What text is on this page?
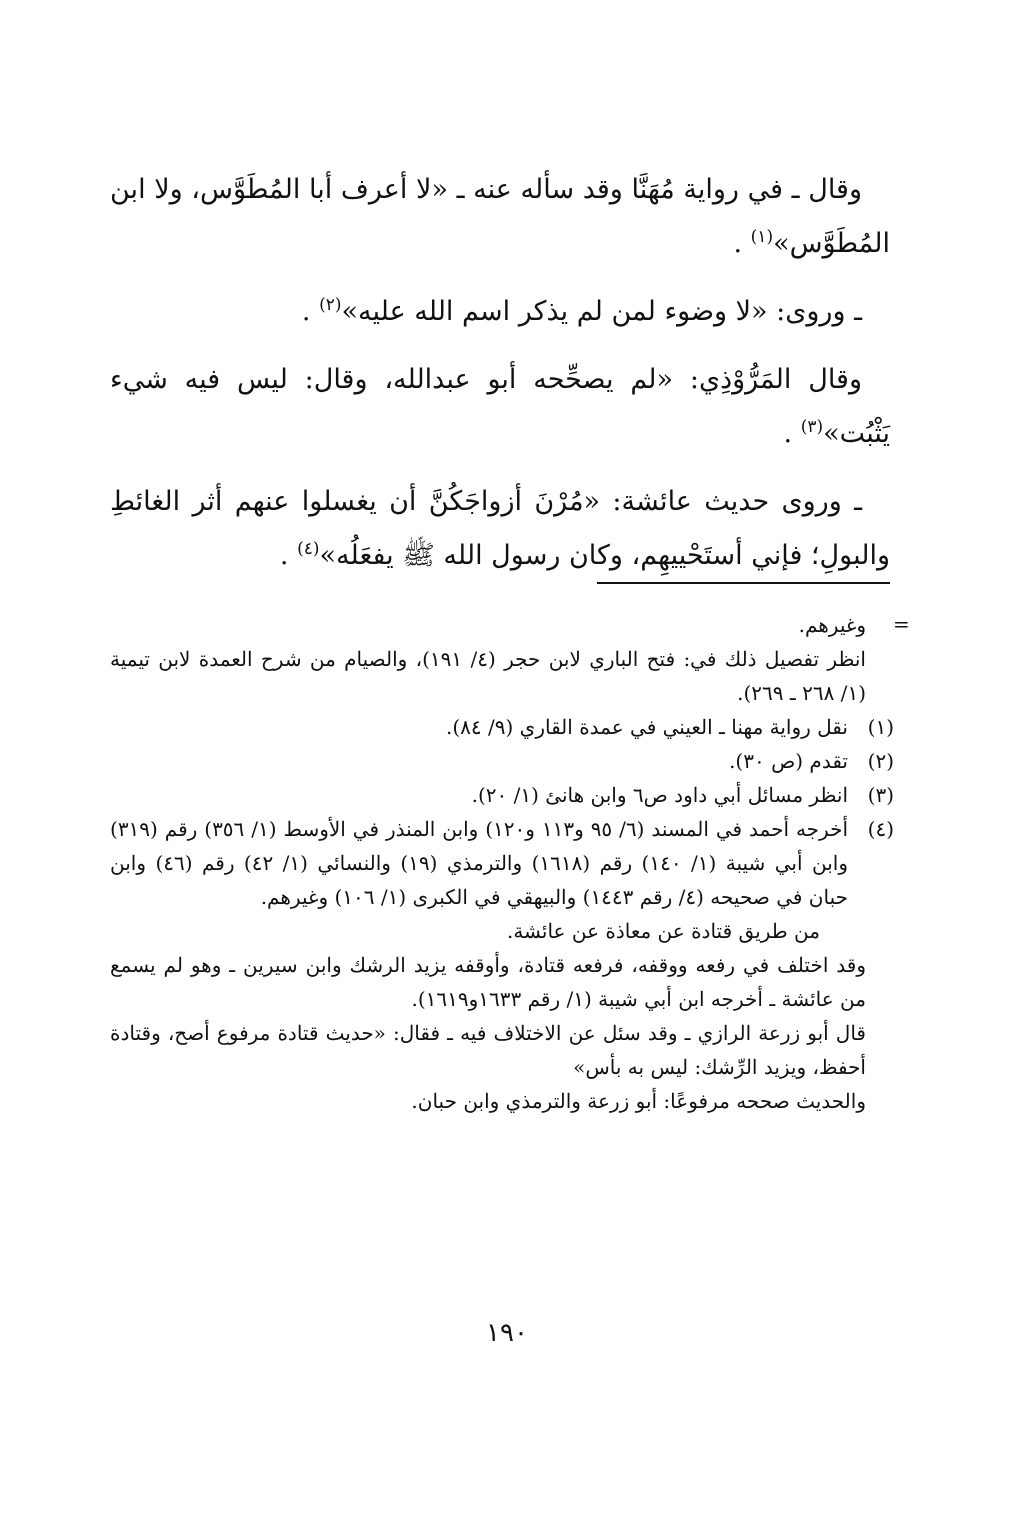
وقال ـ في رواية مُهَنَّا وقد سأله عنه ـ «لا أعرف أبا المُطَوَّس، ولا ابن المُطَوَّس»$^{(١)}$ .

ـ وروى: «لا وضوء لمن لم يذكر اسم الله عليه»$^{(٢)}$ .

وقال المَرُّوْذِي: «لم يصحِّحه أبو عبدالله، وقال: ليس فيه شيء يَثْبُت»$^{(٣)}$ .

ـ وروى حديث عائشة: «مُرْنَ أزواجَكُنَّ أن يغسلوا عنهم أثر الغائطِ والبولِ؛ فإني أستَحْييهِم، وكان رسول الله ﷺ يفعَلُه»$^{(٤)}$ .

=

وغيرهم.

انظر تفصيل ذلك في: فتح الباري لابن حجر (٤/ ١٩١)، والصيام من شرح العمدة لابن تيمية (١/ ٢٦٨ ـ ٢٦٩).

(١)
نقل رواية مهنا ـ العيني في عمدة القاري (٩/ ٨٤).
(٢)
تقدم (ص ٣٠).
(٣)
انظر مسائل أبي داود ص٦ وابن هانئ (١/ ٢٠).
(٤)
أخرجه أحمد في المسند (٦/ ٩٥ و١١٣ و١٢٠) وابن المنذر في الأوسط (١/ ٣٥٦) رقم (٣١٩) وابن أبي شيبة (١/ ١٤٠) رقم (١٦١٨) والترمذي (١٩) والنسائي (١/ ٤٢) رقم (٤٦) وابن حبان في صحيحه (٤/ رقم ١٤٤٣) والبيهقي في الكبرى (١/ ١٠٦) وغيرهم.

من طريق قتادة عن معاذة عن عائشة.

وقد اختلف في رفعه ووقفه، فرفعه قتادة، وأوقفه يزيد الرشك وابن سيرين ـ وهو لم يسمع من عائشة ـ أخرجه ابن أبي شيبة (١/ رقم ١٦٣٣و١٦١٩).

قال أبو زرعة الرازي ـ وقد سئل عن الاختلاف فيه ـ فقال: «حديث قتادة مرفوع أصح، وقتادة أحفظ، ويزيد الرِّشك: ليس به بأس»

والحديث صححه مرفوعًا: أبو زرعة والترمذي وابن حبان.

١٩٠
